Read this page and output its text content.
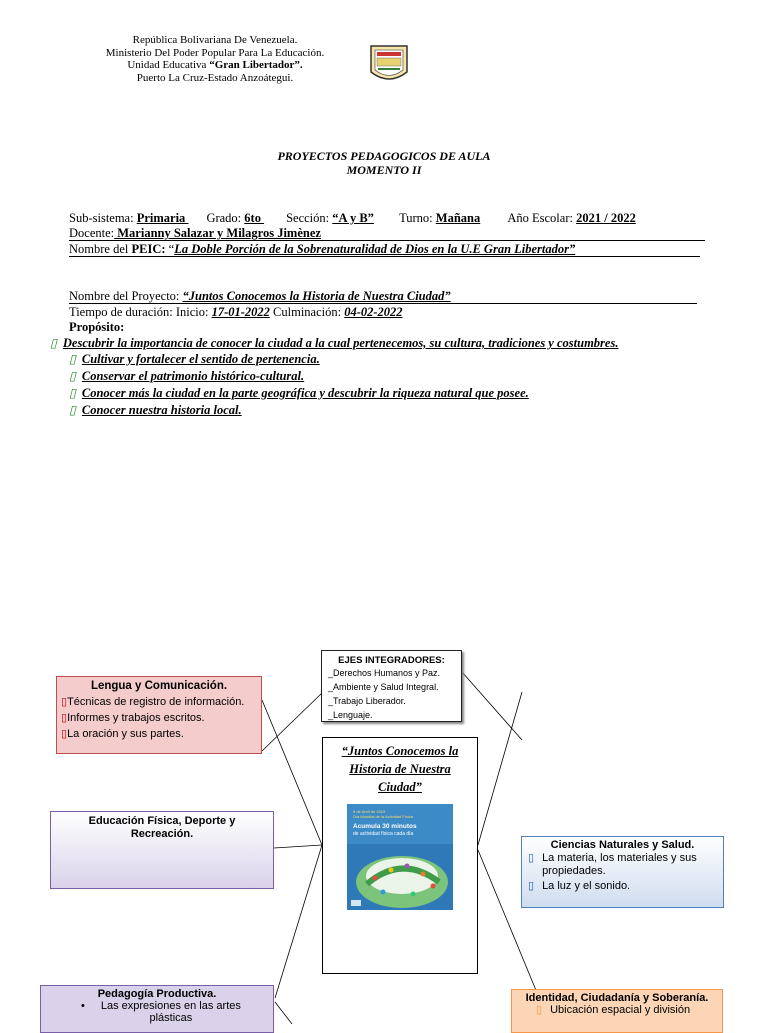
República Bolivariana De Venezuela.
Ministerio Del Poder Popular Para La Educación.
Unidad Educativa “Gran Libertador”.
Puerto La Cruz-Estado Anzoátegui.
PROYECTOS PEDAGOGICOS DE AULA
MOMENTO II
Sub-sistema: Primaria Grado: 6to Sección: “A y B” Turno: Mañana Año Escolar: 2021 / 2022
Docente: Marianny Salazar y Milagros Jimènez
Nombre del PEIC: “La Doble Porción de la Sobrenaturalidad de Dios en la U.E Gran Libertador”
Nombre del Proyecto: “Juntos Conocemos la Historia de Nuestra Ciudad”
Tiempo de duración: Inicio: 17-01-2022 Culminación: 04-02-2022
Propósito:
▯ Descubrir la importancia de conocer la ciudad a la cual pertenecemos, su cultura, tradiciones y costumbres.
▯ Cultivar y fortalecer el sentido de pertenencia.
▯ Conservar el patrimonio histórico-cultural.
▯ Conocer más la ciudad en la parte geográfica y descubrir la riqueza natural que posee.
▯ Conocer nuestra historia local.
EJES INTEGRADORES:
_Derechos Humanos y Paz.
_Ambiente y Salud Integral.
_Trabajo Liberador.
_Lenguaje.
Lengua y Comunicación.
▯Técnicas de registro de información.
▯Informes y trabajos escritos.
▯La oración y sus partes.
“Juntos Conocemos la Historia de Nuestra Ciudad”
6 de Abril de 2019
Día Mundial de la Actividad Física
Acumula 30 minutos
de actividad física cada día
Educación Física, Deporte y Recreación.
Ciencias Naturales y Salud.
▯ La materia, los materiales y sus propiedades.
▯ La luz y el sonido.
Pedagogía Productiva.
•	Las expresiones en las artes plásticas
Identidad, Ciudadanía y Soberanía.
▯ Ubicación espacial y división
